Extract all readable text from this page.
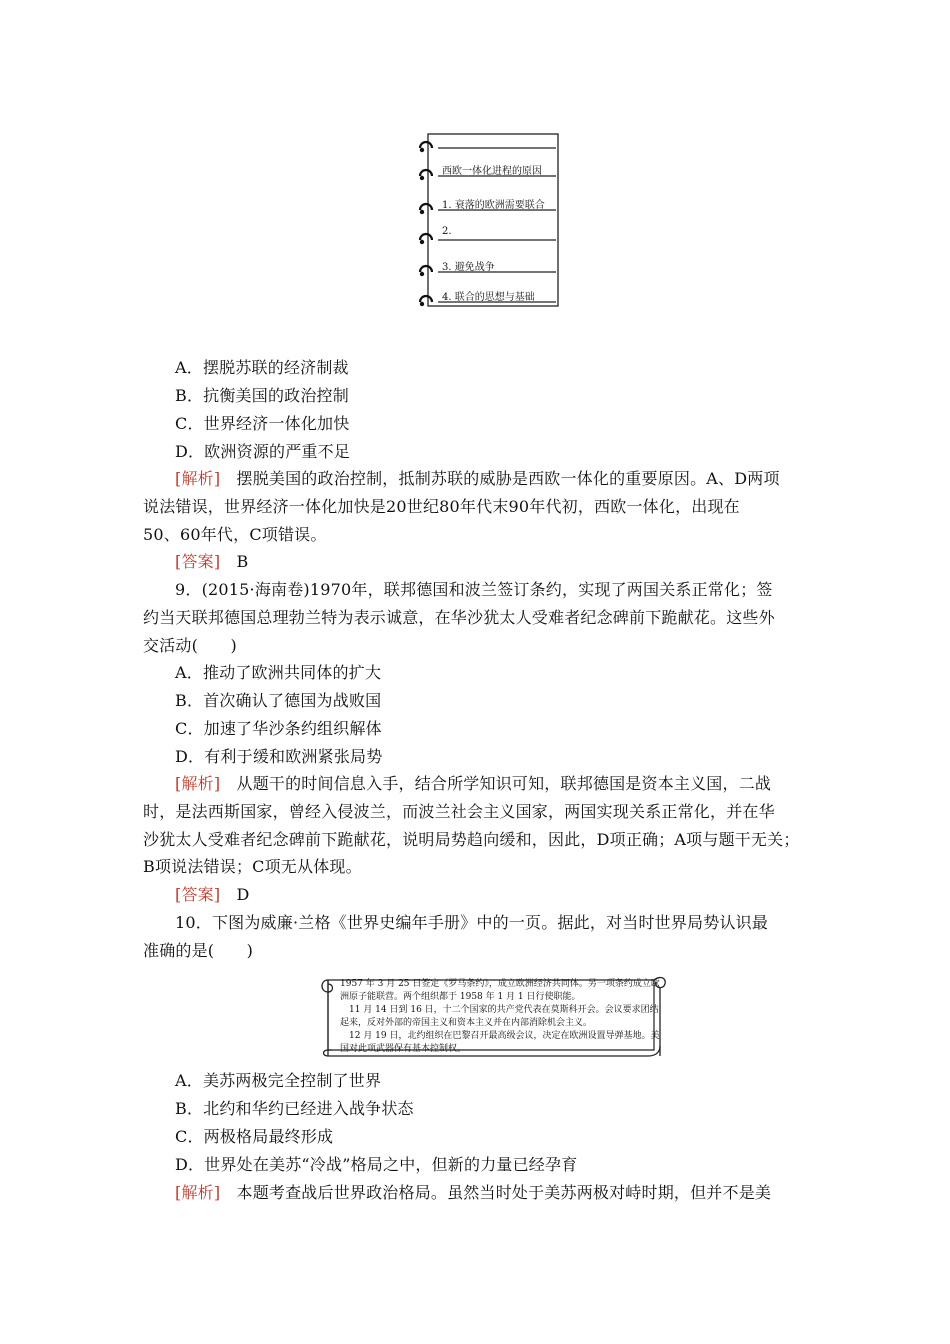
西欧一体化进程的原因
1. 衰落的欧洲需要联合
2.
3. 避免战争
4. 联合的思想与基础
A．摆脱苏联的经济制裁
B．抗衡美国的政治控制
C．世界经济一体化加快
D．欧洲资源的严重不足
[解析]　摆脱美国的政治控制，抵制苏联的威胁是西欧一体化的重要原因。A、D两项
说法错误，世界经济一体化加快是20世纪80年代末90年代初，西欧一体化，出现在
50、60年代，C项错误。
[答案]　B
9．(2015·海南卷)1970年，联邦德国和波兰签订条约，实现了两国关系正常化；签
约当天联邦德国总理勃兰特为表示诚意，在华沙犹太人受难者纪念碑前下跪献花。这些外
交活动(　　)
A．推动了欧洲共同体的扩大
B．首次确认了德国为战败国
C．加速了华沙条约组织解体
D．有利于缓和欧洲紧张局势
[解析]　从题干的时间信息入手，结合所学知识可知，联邦德国是资本主义国，二战
时，是法西斯国家，曾经入侵波兰，而波兰社会主义国家，两国实现关系正常化，并在华
沙犹太人受难者纪念碑前下跪献花，说明局势趋向缓和，因此，D项正确；A项与题干无关；
B项说法错误；C项无从体现。
[答案]　D
10．下图为威廉·兰格《世界史编年手册》中的一页。据此，对当时世界局势认识最
准确的是(　　)
1957 年 3 月 25 日签定《罗马条约》，成立欧洲经济共同体。另一项条约成立欧
洲原子能联营。两个组织都于 1958 年 1 月 1 日行使职能。
　11 月 14 日到 16 日，十二个国家的共产党代表在莫斯科开会。会议要求团结
起来，反对外部的帝国主义和资本主义并在内部消除机会主义。
　12 月 19 日，北约组织在巴黎召开最高级会议，决定在欧洲设置导弹基地。美
国对此项武器保有基本控制权。
A．美苏两极完全控制了世界
B．北约和华约已经进入战争状态
C．两极格局最终形成
D．世界处在美苏“冷战”格局之中，但新的力量已经孕育
[解析]　本题考查战后世界政治格局。虽然当时处于美苏两极对峙时期，但并不是美
